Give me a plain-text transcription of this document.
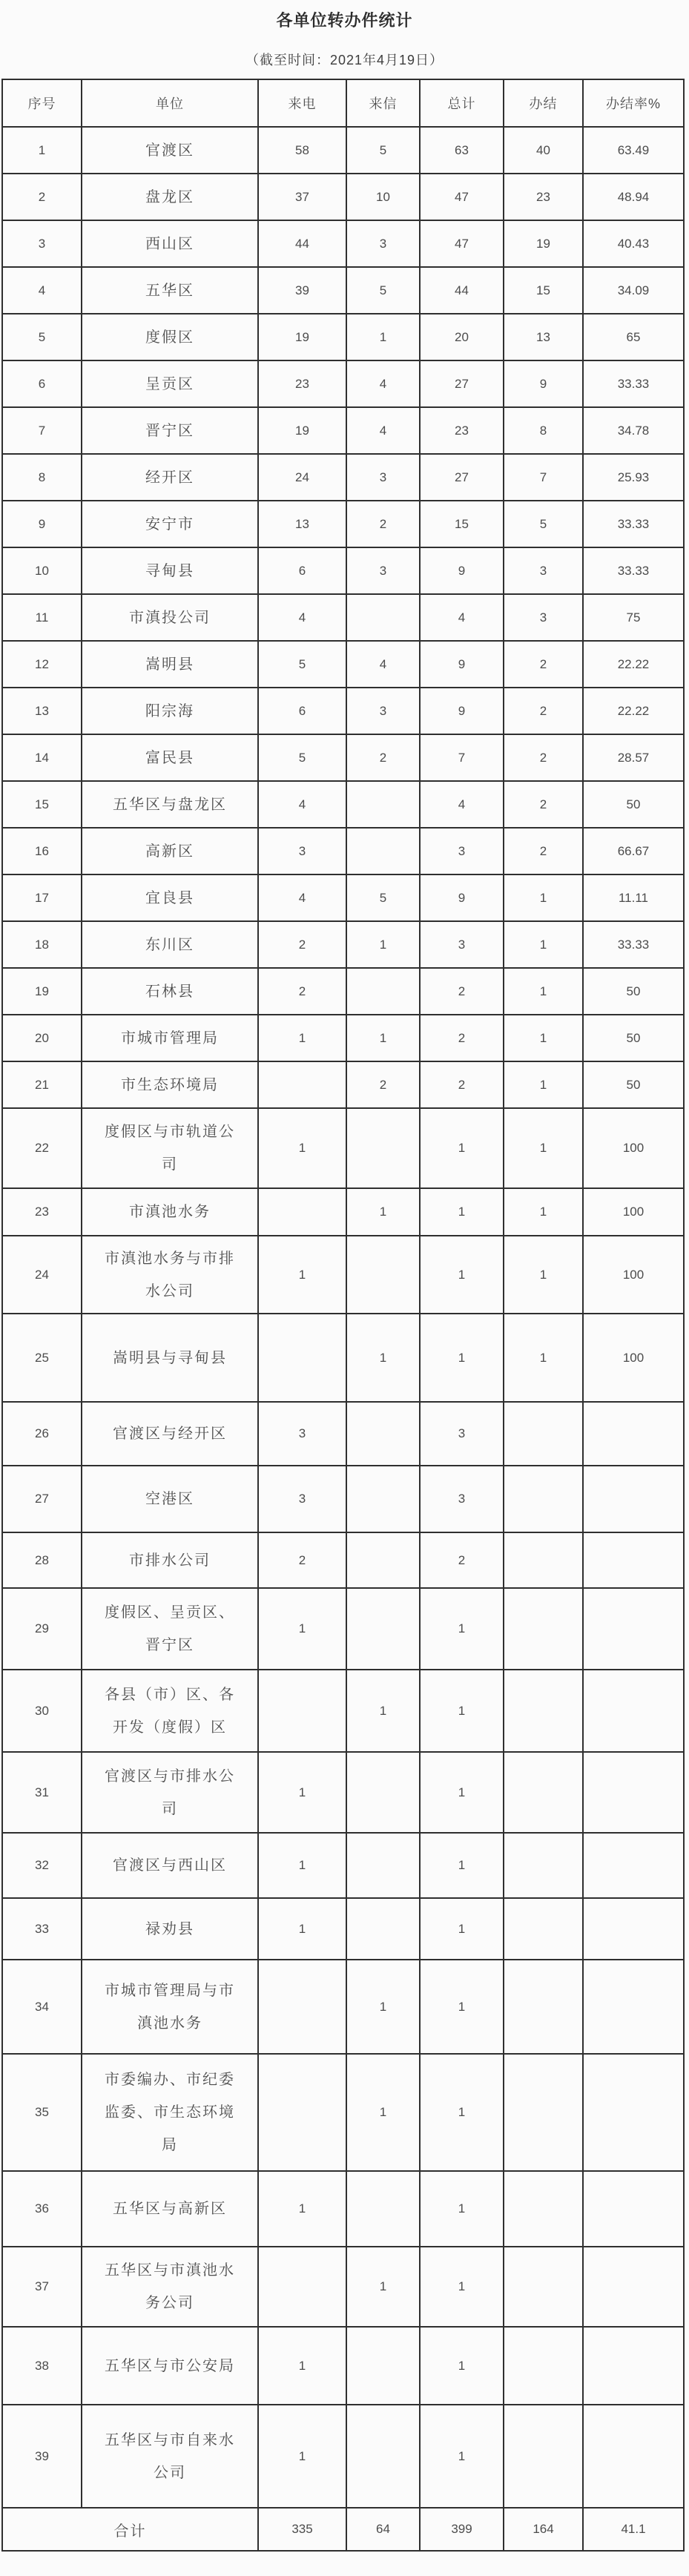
各单位转办件统计

（截至时间：2021年4月19日）

序号	单位	来电	来信	总计	办结	办结率%
1	官渡区	58	5	63	40	63.49
2	盘龙区	37	10	47	23	48.94
3	西山区	44	3	47	19	40.43
4	五华区	39	5	44	15	34.09
5	度假区	19	1	20	13	65
6	呈贡区	23	4	27	9	33.33
7	晋宁区	19	4	23	8	34.78
8	经开区	24	3	27	7	25.93
9	安宁市	13	2	15	5	33.33
10	寻甸县	6	3	9	3	33.33
11	市滇投公司	4		4	3	75
12	嵩明县	5	4	9	2	22.22
13	阳宗海	6	3	9	2	22.22
14	富民县	5	2	7	2	28.57
15	五华区与盘龙区	4		4	2	50
16	高新区	3		3	2	66.67
17	宜良县	4	5	9	1	11.11
18	东川区	2	1	3	1	33.33
19	石林县	2		2	1	50
20	市城市管理局	1	1	2	1	50
21	市生态环境局		2	2	1	50
22	度假区与市轨道公司	1		1	1	100
23	市滇池水务		1	1	1	100
24	市滇池水务与市排水公司	1		1	1	100
25	嵩明县与寻甸县		1	1	1	100
26	官渡区与经开区	3		3		
27	空港区	3		3		
28	市排水公司	2		2		
29	度假区、呈贡区、晋宁区	1		1		
30	各县（市）区、各开发（度假）区		1	1		
31	官渡区与市排水公司	1		1		
32	官渡区与西山区	1		1		
33	禄劝县	1		1		
34	市城市管理局与市滇池水务		1	1		
35	市委编办、市纪委监委、市生态环境局		1	1		
36	五华区与高新区	1		1		
37	五华区与市滇池水务公司		1	1		
38	五华区与市公安局	1		1		
39	五华区与市自来水公司	1		1		
合计		335	64	399	164	41.1
